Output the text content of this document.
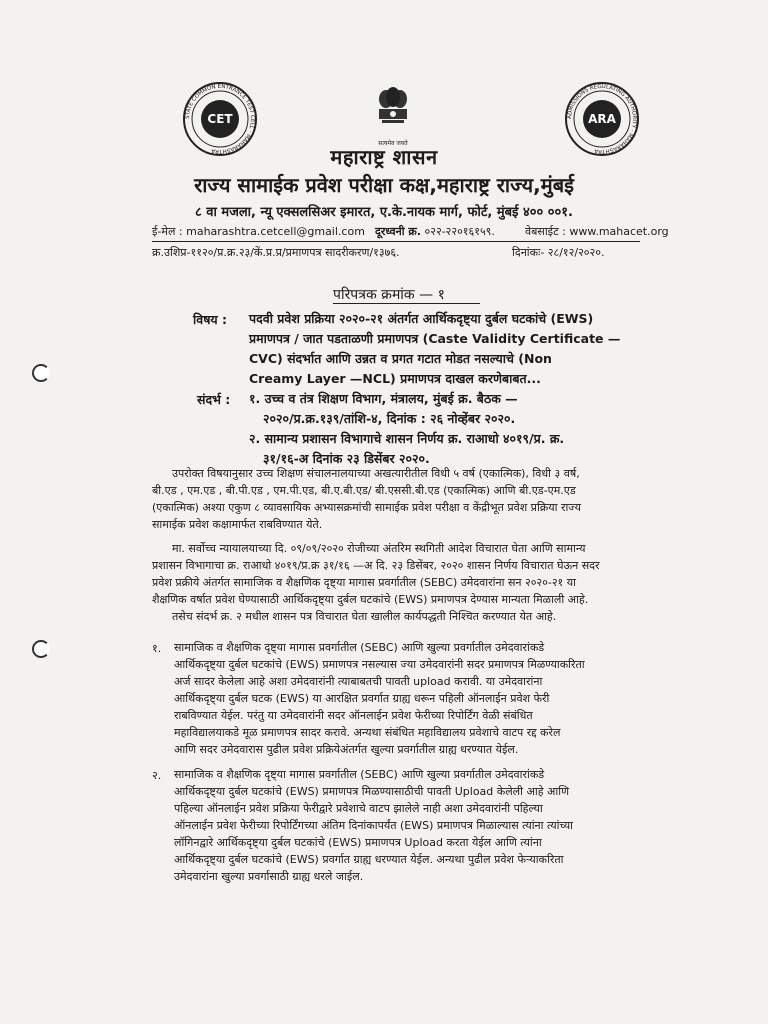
STATE COMMON ENTRANCE TEST CELL · MAHARASHTRA
CET	ADMISSIONS REGULATING AUTHORITY · MAHARASHTRA
ARA
सत्यमेव जयते
महाराष्ट्र शासन
राज्य सामाईक प्रवेश परीक्षा कक्ष,महाराष्ट्र राज्य,मुंबई
८ वा मजला, न्यू एक्सलसिअर इमारत, ए.के.नायक मार्ग, फोर्ट, मुंबई ४०० ००१.
ई-मेल : maharashtra.cetcell@gmail.com दूरध्वनी क्र. ०२२-२२०१६१५९.	वेबसाईट : www.mahacet.org
क्र.उशिप्र-११२०/प्र.क्र.२३/कें.प्र.प्र/प्रमाणपत्र सादरीकरण/१३७६.	दिनांकः- २८/१२/२०२०.
परिपत्रक क्रमांक — १
विषय : पदवी प्रवेश प्रक्रिया २०२०-२१ अंतर्गत आर्थिकदृष्ट्या दुर्बल घटकांचे (EWS)
प्रमाणपत्र / जात पडताळणी प्रमाणपत्र (Caste Validity Certificate —
CVC) संदर्भात आणि उन्नत व प्रगत गटात मोडत नसल्याचे (Non
Creamy Layer —NCL) प्रमाणपत्र दाखल करणेबाबत...
संदर्भ : १. उच्च व तंत्र शिक्षण विभाग, मंत्रालय, मुंबई क्र. बैठक —
२०२०/प्र.क्र.१३९/तांशि-४, दिनांक : २६ नोव्हेंबर २०२०.
२. सामान्य प्रशासन विभागाचे शासन निर्णय क्र. राआधो ४०१९/प्र. क्र.
३१/१६-अ दिनांक २३ डिसेंबर २०२०.
उपरोक्त विषयानुसार उच्च शिक्षण संचालनालयाच्या अखत्यारीतील विधी ५ वर्ष (एकात्मिक), विधी ३ वर्ष,
बी.एड , एम.एड , बी.पी.एड , एम.पी.एड, बी.ए.बी.एड/ बी.एससी.बी.एड (एकात्मिक) आणि बी.एड-एम.एड
(एकात्मिक) अश्या एकुण ८ व्यावसायिक अभ्यासक्रमांची सामाईक प्रवेश परीक्षा व केंद्रीभूत प्रवेश प्रक्रिया राज्य
सामाईक प्रवेश कक्षामार्फत राबविण्यात येते.
मा. सर्वोच्च न्यायालयाच्या दि. ०९/०९/२०२० रोजीच्या अंतरिम स्थगिती आदेश विचारात घेता आणि सामान्य
प्रशासन विभागाचा क्र. राआधो ४०१९/प्र.क्र ३१/१६ —अ दि. २३ डिसेंबर, २०२० शासन निर्णय विचारात घेऊन सदर
प्रवेश प्रक्रीये अंतर्गत सामाजिक व शैक्षणिक दृष्ट्या मागास प्रवर्गातील (SEBC) उमेदवारांना सन २०२०-२१ या
शैक्षणिक वर्षात प्रवेश घेण्यासाठी आर्थिकदृष्ट्या दुर्बल घटकांचे (EWS) प्रमाणपत्र देण्यास मान्यता मिळाली आहे.
तसेच संदर्भ क्र. २ मधील शासन पत्र विचारात घेता खालील कार्यपद्धती निश्चित करण्यात येत आहे.
१. सामाजिक व शैक्षणिक दृष्ट्या मागास प्रवर्गातील (SEBC) आणि खुल्या प्रवर्गातील उमेदवारांकडे
आर्थिकदृष्ट्या दुर्बल घटकांचे (EWS) प्रमाणपत्र नसल्यास ज्या उमेदवारांनी सदर प्रमाणपत्र मिळण्याकरिता
अर्ज सादर केलेला आहे अशा उमेदवारांनी त्याबाबतची पावती upload करावी. या उमेदवारांना
आर्थिकदृष्ट्या दुर्बल घटक (EWS) या आरक्षित प्रवर्गात ग्राह्य धरून पहिली ऑनलाईन प्रवेश फेरी
राबविण्यात येईल. परंतु या उमेदवारांनी सदर ऑनलाईन प्रवेश फेरीच्या रिपोर्टिंग वेळी संबंधित
महाविद्यालयाकडे मूळ प्रमाणपत्र सादर करावे. अन्यथा संबंधित महाविद्यालय प्रवेशाचे वाटप रद्द करेल
आणि सदर उमेदवारास पुढील प्रवेश प्रक्रियेअंतर्गत खुल्या प्रवर्गातील ग्राह्य धरण्यात येईल.
२. सामाजिक व शैक्षणिक दृष्ट्या मागास प्रवर्गातील (SEBC) आणि खुल्या प्रवर्गातील उमेदवारांकडे
आर्थिकदृष्ट्या दुर्बल घटकांचे (EWS) प्रमाणपत्र मिळण्यासाठीची पावती Upload केलेली आहे आणि
पहिल्या ऑनलाईन प्रवेश प्रक्रिया फेरीद्वारे प्रवेशाचे वाटप झालेले नाही अशा उमेदवारांनी पहिल्या
ऑनलाईन प्रवेश फेरीच्या रिपोर्टिंगच्या अंतिम दिनांकापर्यंत (EWS) प्रमाणपत्र मिळाल्यास त्यांना त्यांच्या
लॉगिनद्वारे आर्थिकदृष्ट्या दुर्बल घटकांचे (EWS) प्रमाणपत्र Upload करता येईल आणि त्यांना
आर्थिकदृष्ट्या दुर्बल घटकांचे (EWS) प्रवर्गात ग्राह्य धरण्यात येईल. अन्यथा पुढील प्रवेश फेऱ्याकरिता
उमेदवारांना खुल्या प्रवर्गासाठी ग्राह्य धरले जाईल.
